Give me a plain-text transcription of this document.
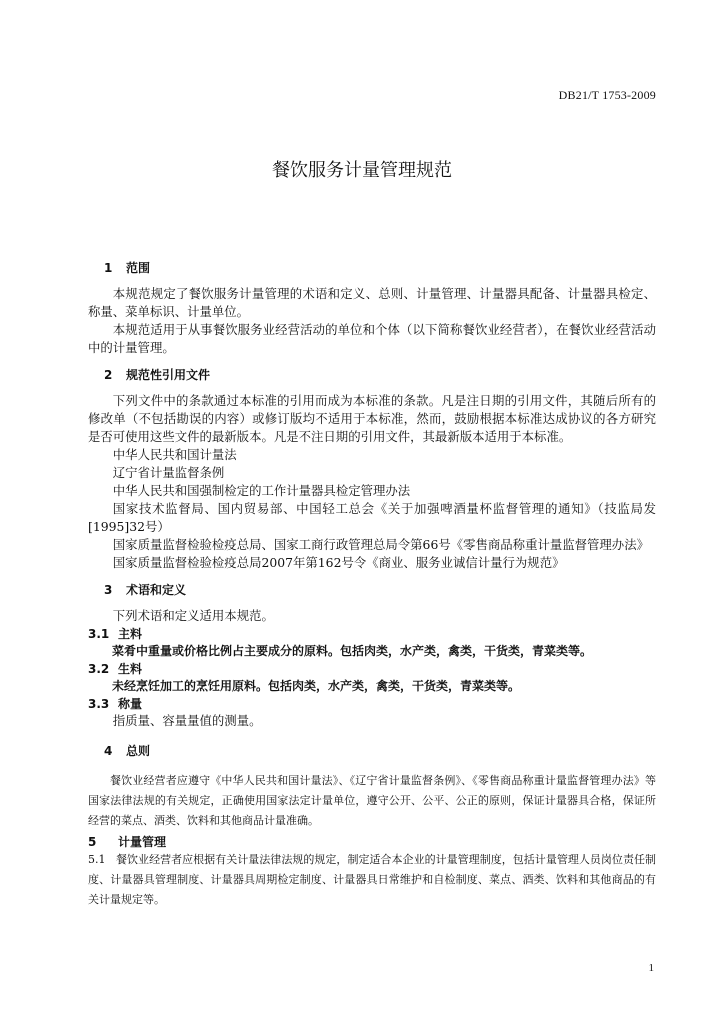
DB21/T 1753-2009
餐饮服务计量管理规范
1 范围

本规范规定了餐饮服务计量管理的术语和定义、总则、计量管理、计量器具配备、计量器具检定、称量、菜单标识、计量单位。

本规范适用于从事餐饮服务业经营活动的单位和个体（以下简称餐饮业经营者），在餐饮业经营活动中的计量管理。

2 规范性引用文件

下列文件中的条款通过本标准的引用而成为本标准的条款。凡是注日期的引用文件，其随后所有的修改单（不包括勘误的内容）或修订版均不适用于本标准，然而，鼓励根据本标准达成协议的各方研究是否可使用这些文件的最新版本。凡是不注日期的引用文件，其最新版本适用于本标准。

中华人民共和国计量法

辽宁省计量监督条例

中华人民共和国强制检定的工作计量器具检定管理办法

国家技术监督局、国内贸易部、中国轻工总会《关于加强啤酒量杯监督管理的通知》（技监局发[1995]32号）

国家质量监督检验检疫总局、国家工商行政管理总局令第66号《零售商品称重计量监督管理办法》

国家质量监督检验检疫总局2007年第162号令《商业、服务业诚信计量行为规范》

3 术语和定义

下列术语和定义适用本规范。

3.1 主料

菜肴中重量或价格比例占主要成分的原料。包括肉类，水产类，禽类，干货类，青菜类等。

3.2 生料

未经烹饪加工的烹饪用原料。包括肉类，水产类，禽类，干货类，青菜类等。

3.3 称量

指质量、容量量值的测量。

4 总则

餐饮业经营者应遵守《中华人民共和国计量法》、《辽宁省计量监督条例》、《零售商品称重计量监督管理办法》等国家法律法规的有关规定，正确使用国家法定计量单位，遵守公开、公平、公正的原则，保证计量器具合格，保证所经营的菜点、酒类、饮料和其他商品计量准确。

5 计量管理

5.1 餐饮业经营者应根据有关计量法律法规的规定，制定适合本企业的计量管理制度，包括计量管理人员岗位责任制度、计量器具管理制度、计量器具周期检定制度、计量器具日常维护和自检制度、菜点、酒类、饮料和其他商品的有关计量规定等。

1
